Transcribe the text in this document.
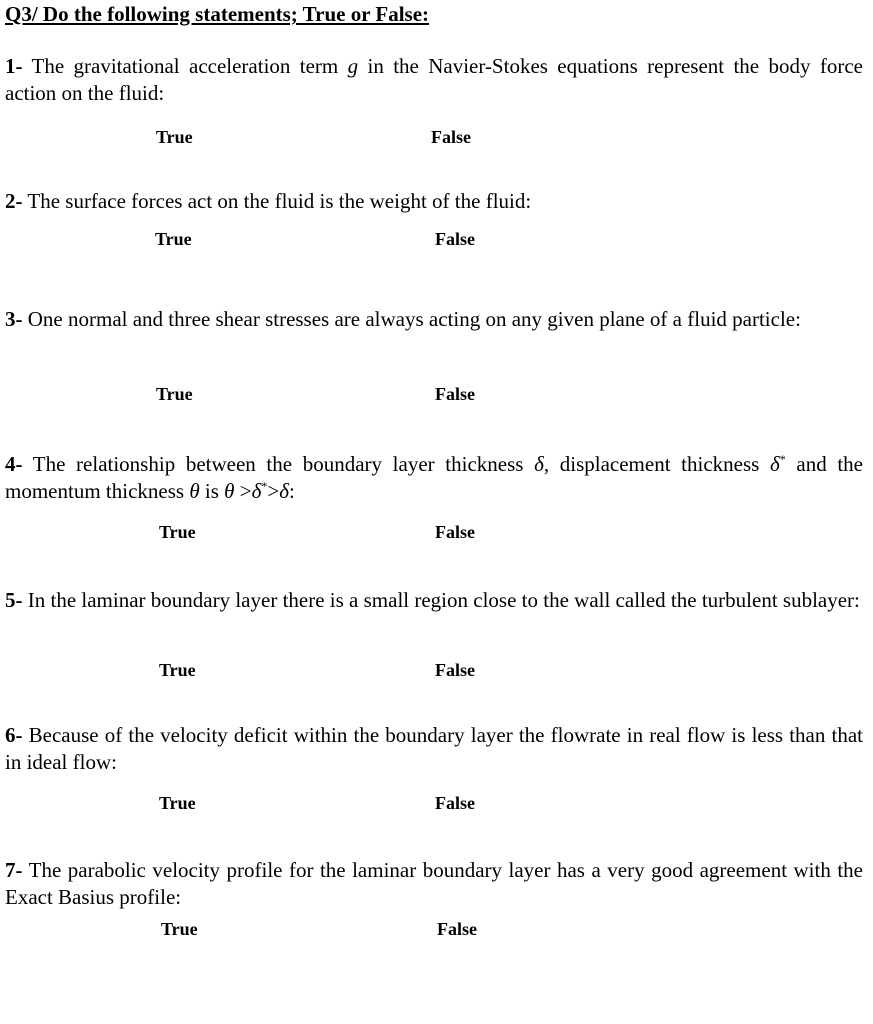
Q3/ Do the following statements; True or False:
1- The gravitational acceleration term g in the Navier-Stokes equations represent the body force action on the fluid:
True	False
2- The surface forces act on the fluid is the weight of the fluid:
True	False
3- One normal and three shear stresses are always acting on any given plane of a fluid particle:
True	False
4- The relationship between the boundary layer thickness δ, displacement thickness δ* and the momentum thickness θ is θ >δ*>δ:
True	False
5- In the laminar boundary layer there is a small region close to the wall called the turbulent sublayer:
True	False
6- Because of the velocity deficit within the boundary layer the flowrate in real flow is less than that in ideal flow:
True	False
7- The parabolic velocity profile for the laminar boundary layer has a very good agreement with the Exact Basius profile:
True	False
